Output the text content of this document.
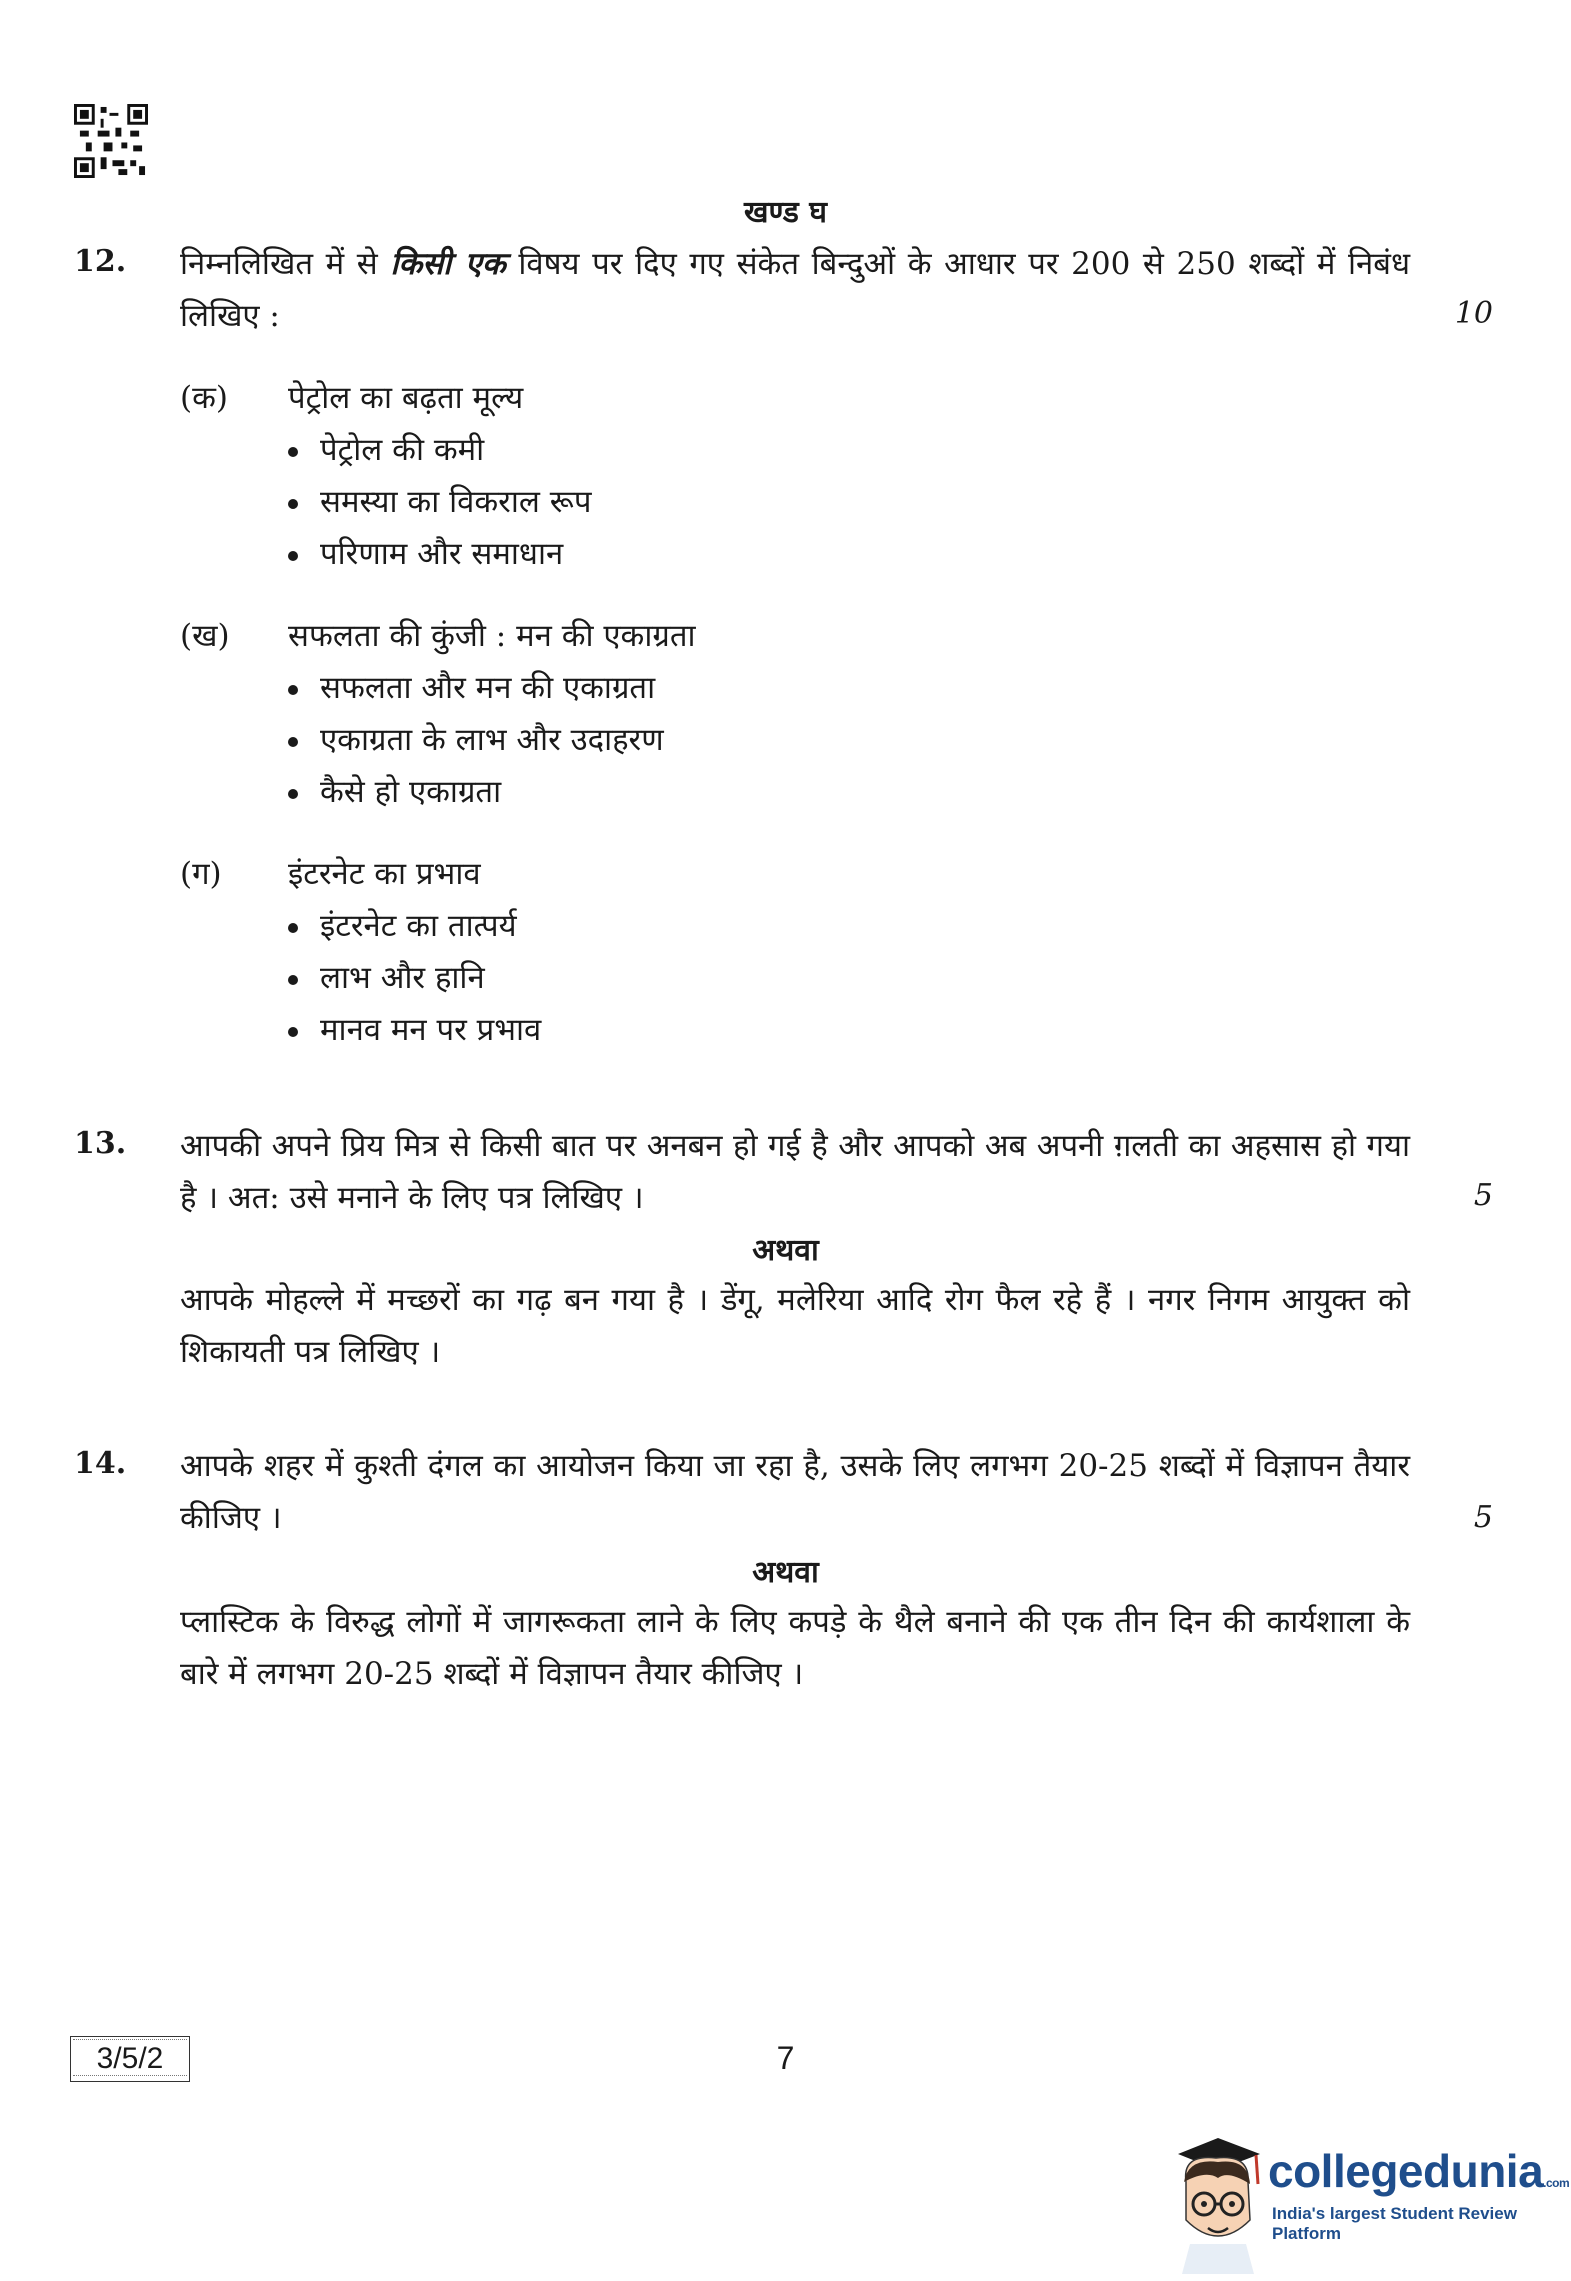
खण्ड घ
12. निम्नलिखित में से किसी एक विषय पर दिए गए संकेत बिन्दुओं के आधार पर 200 से 250 शब्दों में निबंध लिखिए :	10
(क) पेट्रोल का बढ़ता मूल्य
पेट्रोल की कमी
समस्या का विकराल रूप
परिणाम और समाधान
(ख) सफलता की कुंजी : मन की एकाग्रता
सफलता और मन की एकाग्रता
एकाग्रता के लाभ और उदाहरण
कैसे हो एकाग्रता
(ग) इंटरनेट का प्रभाव
इंटरनेट का तात्पर्य
लाभ और हानि
मानव मन पर प्रभाव
13. आपकी अपने प्रिय मित्र से किसी बात पर अनबन हो गई है और आपको अब अपनी ग़लती का अहसास हो गया है । अत: उसे मनाने के लिए पत्र लिखिए ।	5
अथवा
आपके मोहल्ले में मच्छरों का गढ़ बन गया है । डेंगू, मलेरिया आदि रोग फैल रहे हैं । नगर निगम आयुक्त को शिकायती पत्र लिखिए ।
14. आपके शहर में कुश्ती दंगल का आयोजन किया जा रहा है, उसके लिए लगभग 20-25 शब्दों में विज्ञापन तैयार कीजिए ।	5
अथवा
प्लास्टिक के विरुद्ध लोगों में जागरूकता लाने के लिए कपड़े के थैले बनाने की एक तीन दिन की कार्यशाला के बारे में लगभग 20-25 शब्दों में विज्ञापन तैयार कीजिए ।
3/5/2	7
collegedunia.com
India's largest Student Review Platform
